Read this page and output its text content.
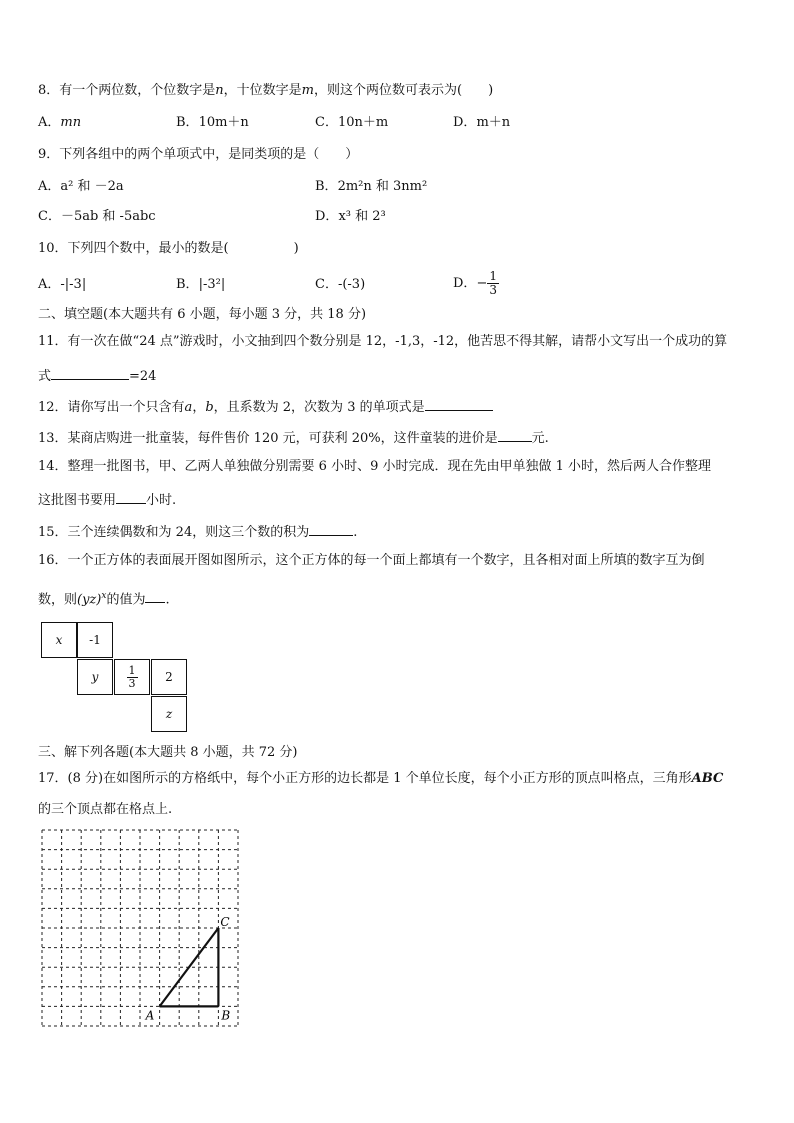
8．有一个两位数，个位数字是n，十位数字是m，则这个两位数可表示为(　　)
A．mn	B．10m＋n	C．10n＋m	D．m＋n
9．下列各组中的两个单项式中，是同类项的是（　　）
A．a² 和 －2a	B．2m²n 和 3nm²
C．－5ab 和 -5abc	D．x³ 和 2³
10．下列四个数中，最小的数是(　　　　　)
A．-|-3|	B．|-3²|	C．-(-3)	D．− $\frac{1}{3}$
二、填空题(本大题共有 6 小题，每小题 3 分，共 18 分)
11．有一次在做“24 点”游戏时，小文抽到四个数分别是 12，-1,3，-12，他苦思不得其解，请帮小文写出一个成功的算
式	=24
12．请你写出一个只含有a，b，且系数为 2，次数为 3 的单项式是
13．某商店购进一批童装，每件售价 120 元，可获利 20%，这件童装的进价是	元.
14．整理一批图书，甲、乙两人单独做分别需要 6 小时、9 小时完成．现在先由甲单独做 1 小时，然后两人合作整理
这批图书要用 小时.
15．三个连续偶数和为 24，则这三个数的积为	.
16．一个正方体的表面展开图如图所示，这个正方体的每一个面上都填有一个数字，且各相对面上所填的数字互为倒
数，则(yz)$^x$的值为 .
x	-1
y	$\frac{1}{3}$	2
z
三、解下列各题(本大题共 8 小题，共 72 分)
17．(8 分)在如图所示的方格纸中，每个小正方形的边长都是 1 个单位长度，每个小正方形的顶点叫格点，三角形ABC
的三个顶点都在格点上.
A	B
C
